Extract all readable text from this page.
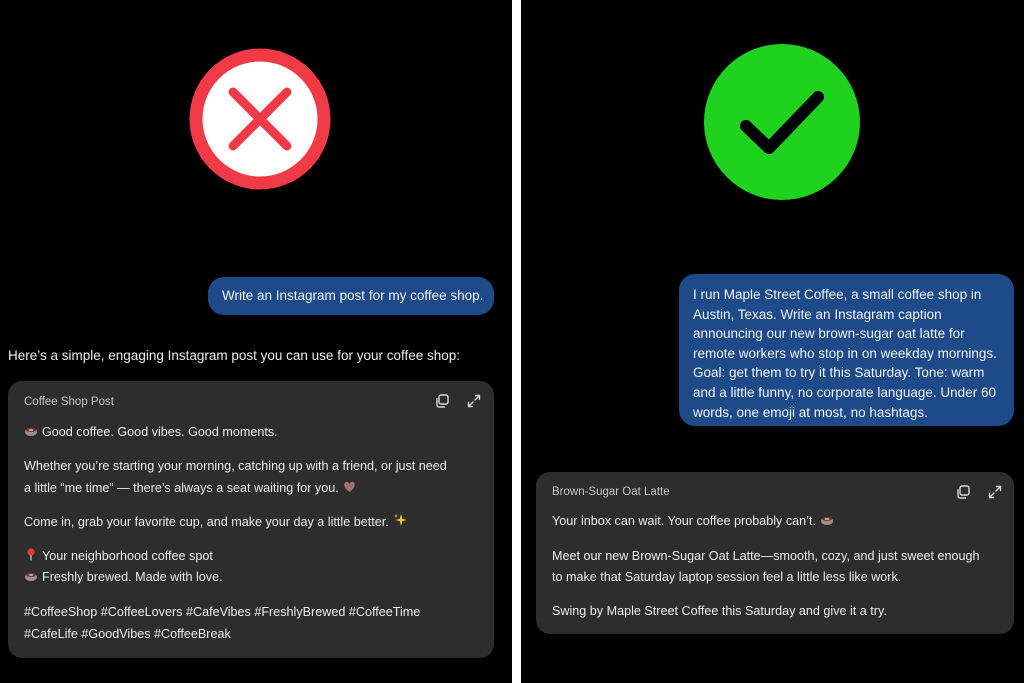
Write an Instagram post for my coffee shop.
Here’s a simple, engaging Instagram post you can use for your coffee shop:
Coffee Shop Post
Good coffee. Good vibes. Good moments.
Whether you’re starting your morning, catching up with a friend, or just need
a little “me time” — there’s always a seat waiting for you.
Come in, grab your favorite cup, and make your day a little better.
Your neighborhood coffee spot
Freshly brewed. Made with love.
#CoffeeShop #CoffeeLovers #CafeVibes #FreshlyBrewed #CoffeeTime
#CafeLife #GoodVibes #CoffeeBreak
I run Maple Street Coffee, a small coffee shop in Austin, Texas. Write an Instagram caption announcing our new brown-sugar oat latte for remote workers who stop in on weekday mornings. Goal: get them to try it this Saturday. Tone: warm and a little funny, no corporate language. Under 60 words, one emoji at most, no hashtags.
Brown-Sugar Oat Latte
Your inbox can wait. Your coffee probably can’t.
Meet our new Brown-Sugar Oat Latte—smooth, cozy, and just sweet enough
to make that Saturday laptop session feel a little less like work.
Swing by Maple Street Coffee this Saturday and give it a try.
